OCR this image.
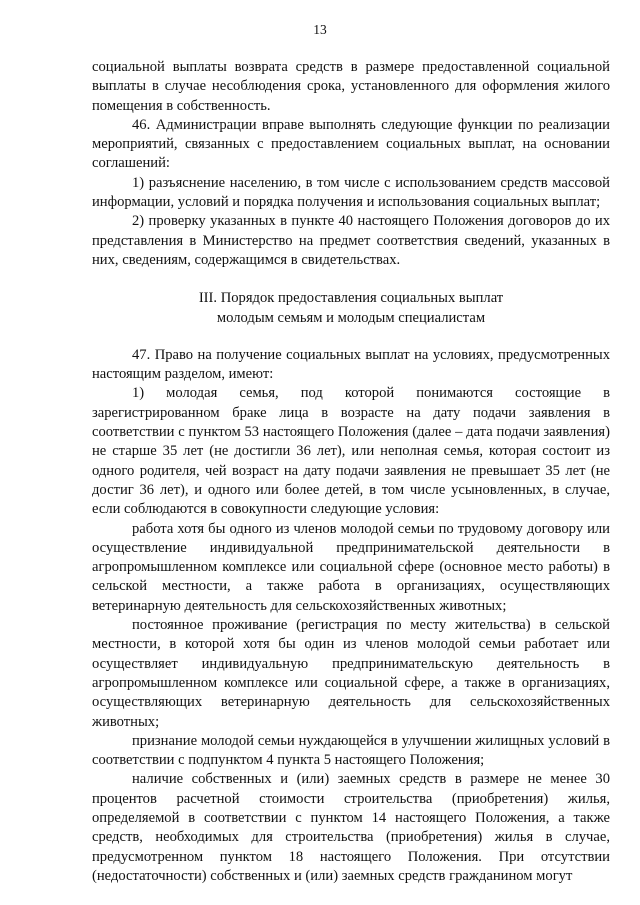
13

социальной выплаты возврата средств в размере предоставленной социальной выплаты в случае несоблюдения срока, установленного для оформления жилого помещения в собственность.

46. Администрации вправе выполнять следующие функции по реализации мероприятий, связанных с предоставлением социальных выплат, на основании соглашений:

1) разъяснение населению, в том числе с использованием средств массовой информации, условий и порядка получения и использования социальных выплат;

2) проверку указанных в пункте 40 настоящего Положения договоров до их представления в Министерство на предмет соответствия сведений, указанных в них, сведениям, содержащимся в свидетельствах.

III. Порядок предоставления социальных выплат
молодым семьям и молодым специалистам

47. Право на получение социальных выплат на условиях, предусмотренных настоящим разделом, имеют:

1) молодая семья, под которой понимаются состоящие в зарегистрированном браке лица в возрасте на дату подачи заявления в соответствии с пунктом 53 настоящего Положения (далее – дата подачи заявления) не старше 35 лет (не достигли 36 лет), или неполная семья, которая состоит из одного родителя, чей возраст на дату подачи заявления не превышает 35 лет (не достиг 36 лет), и одного или более детей, в том числе усыновленных, в случае, если соблюдаются в совокупности следующие условия:

работа хотя бы одного из членов молодой семьи по трудовому договору или осуществление индивидуальной предпринимательской деятельности в агропромышленном комплексе или социальной сфере (основное место работы) в сельской местности, а также работа в организациях, осуществляющих ветеринарную деятельность для сельскохозяйственных животных;

постоянное проживание (регистрация по месту жительства) в сельской местности, в которой хотя бы один из членов молодой семьи работает или осуществляет индивидуальную предпринимательскую деятельность в агропромышленном комплексе или социальной сфере, а также в организациях, осуществляющих ветеринарную деятельность для сельскохозяйственных животных;

признание молодой семьи нуждающейся в улучшении жилищных условий в соответствии с подпунктом 4 пункта 5 настоящего Положения;

наличие собственных и (или) заемных средств в размере не менее 30 процентов расчетной стоимости строительства (приобретения) жилья, определяемой в соответствии с пунктом 14 настоящего Положения, а также средств, необходимых для строительства (приобретения) жилья в случае, предусмотренном пунктом 18 настоящего Положения. При отсутствии (недостаточности) собственных и (или) заемных средств гражданином могут
